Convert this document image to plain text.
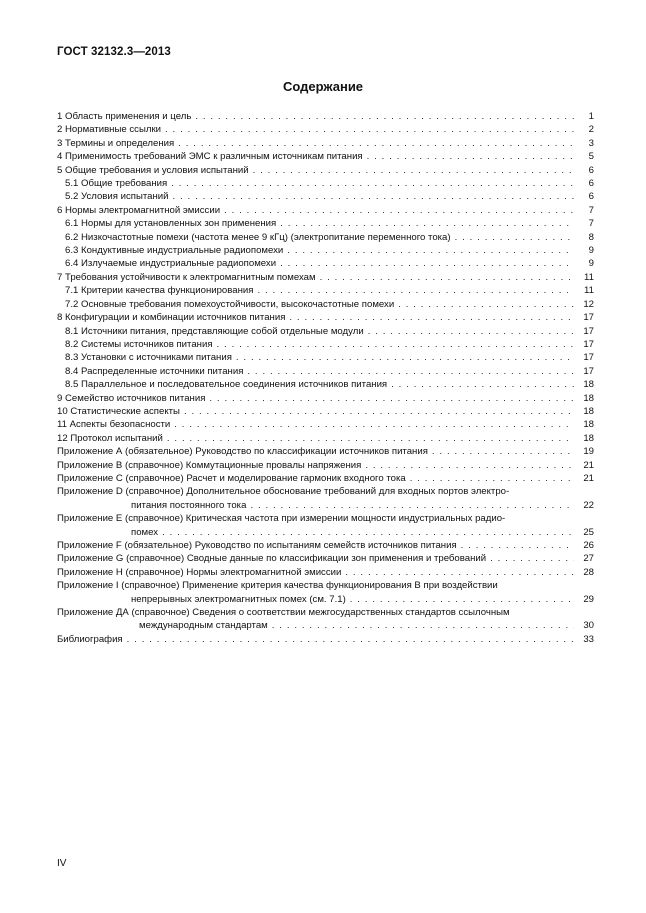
ГОСТ 32132.3—2013
Содержание
1 Область применения и цель . . .	1
2 Нормативные ссылки . . .	2
3 Термины и определения . . .	3
4 Применимость требований ЭМС к различным источникам питания . . .	5
5 Общие требования и условия испытаний . . .	6
5.1 Общие требования . . .	6
5.2 Условия испытаний . . .	6
6 Нормы электромагнитной эмиссии . . .	7
6.1 Нормы для установленных зон применения . . .	7
6.2 Низкочастотные помехи (частота менее 9 кГц) (электропитание переменного тока) . . .	8
6.3 Кондуктивные индустриальные радиопомехи . . .	9
6.4 Излучаемые индустриальные радиопомехи . . .	9
7 Требования устойчивости к электромагнитным помехам . . .	11
7.1 Критерии качества функционирования . . .	11
7.2 Основные требования помехоустойчивости, высокочастотные помехи . . .	12
8 Конфигурации и комбинации источников питания . . .	17
8.1 Источники питания, представляющие собой отдельные модули . . .	17
8.2 Системы источников питания . . .	17
8.3 Установки с источниками питания . . .	17
8.4 Распределенные источники питания . . .	17
8.5 Параллельное и последовательное соединения источников питания . . .	18
9 Семейство источников питания . . .	18
10 Статистические аспекты . . .	18
11 Аспекты безопасности . . .	18
12 Протокол испытаний . . .	18
Приложение А (обязательное) Руководство по классификации источников питания . . .	19
Приложение В (справочное) Коммутационные провалы напряжения . . .	21
Приложение С (справочное) Расчет и моделирование гармоник входного тока . . .	21
Приложение D (справочное) Дополнительное обоснование требований для входных портов электро-
питания постоянного тока . . .	22
Приложение Е (справочное) Критическая частота при измерении мощности индустриальных радио-
помех . . .	25
Приложение F (обязательное) Руководство по испытаниям семейств источников питания . . .	26
Приложение G (справочное) Сводные данные по классификации зон применения и требований . . .	27
Приложение Н (справочное) Нормы электромагнитной эмиссии . . .	28
Приложение I (справочное) Применение критерия качества функционирования В при воздействии
непрерывных электромагнитных помех (см. 7.1) . . .	29
Приложение ДА (справочное) Сведения о соответствии межгосударственных стандартов ссылочным
международным стандартам . . .	30
Библиография . . .	33
IV
